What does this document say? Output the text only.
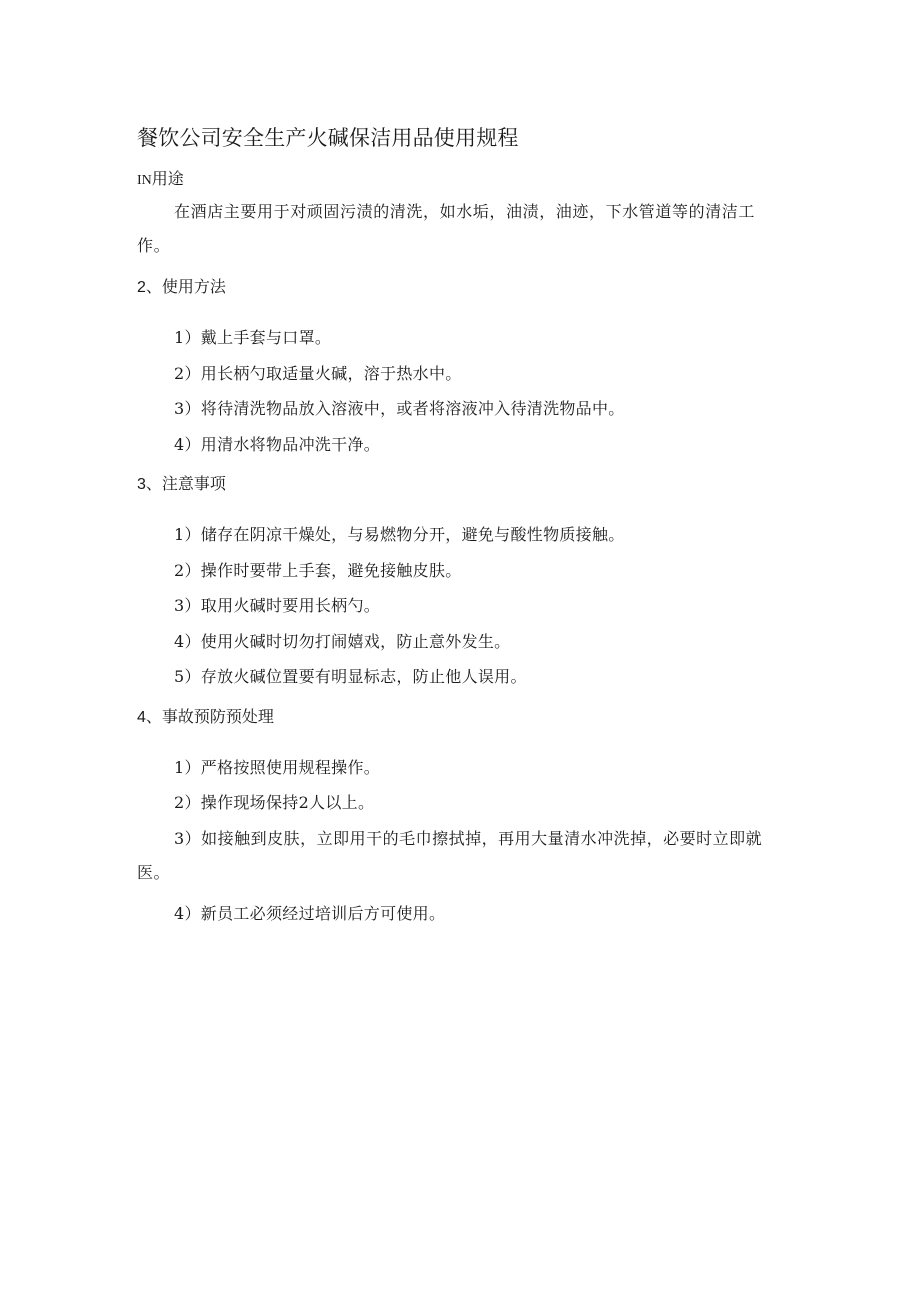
餐饮公司安全生产火碱保洁用品使用规程
IN用途
在酒店主要用于对顽固污渍的清洗，如水垢，油渍，油迹，下水管道等的清洁工作。
2、使用方法
1）戴上手套与口罩。
2）用长柄勺取适量火碱，溶于热水中。
3）将待清洗物品放入溶液中，或者将溶液冲入待清洗物品中。
4）用清水将物品冲洗干净。
3、注意事项
1）储存在阴凉干燥处，与易燃物分开，避免与酸性物质接触。
2）操作时要带上手套，避免接触皮肤。
3）取用火碱时要用长柄勺。
4）使用火碱时切勿打闹嬉戏，防止意外发生。
5）存放火碱位置要有明显标志，防止他人误用。
4、事故预防预处理
1）严格按照使用规程操作。
2）操作现场保持2人以上。
3）如接触到皮肤，立即用干的毛巾擦拭掉，再用大量清水冲洗掉，必要时立即就医。
4）新员工必须经过培训后方可使用。
